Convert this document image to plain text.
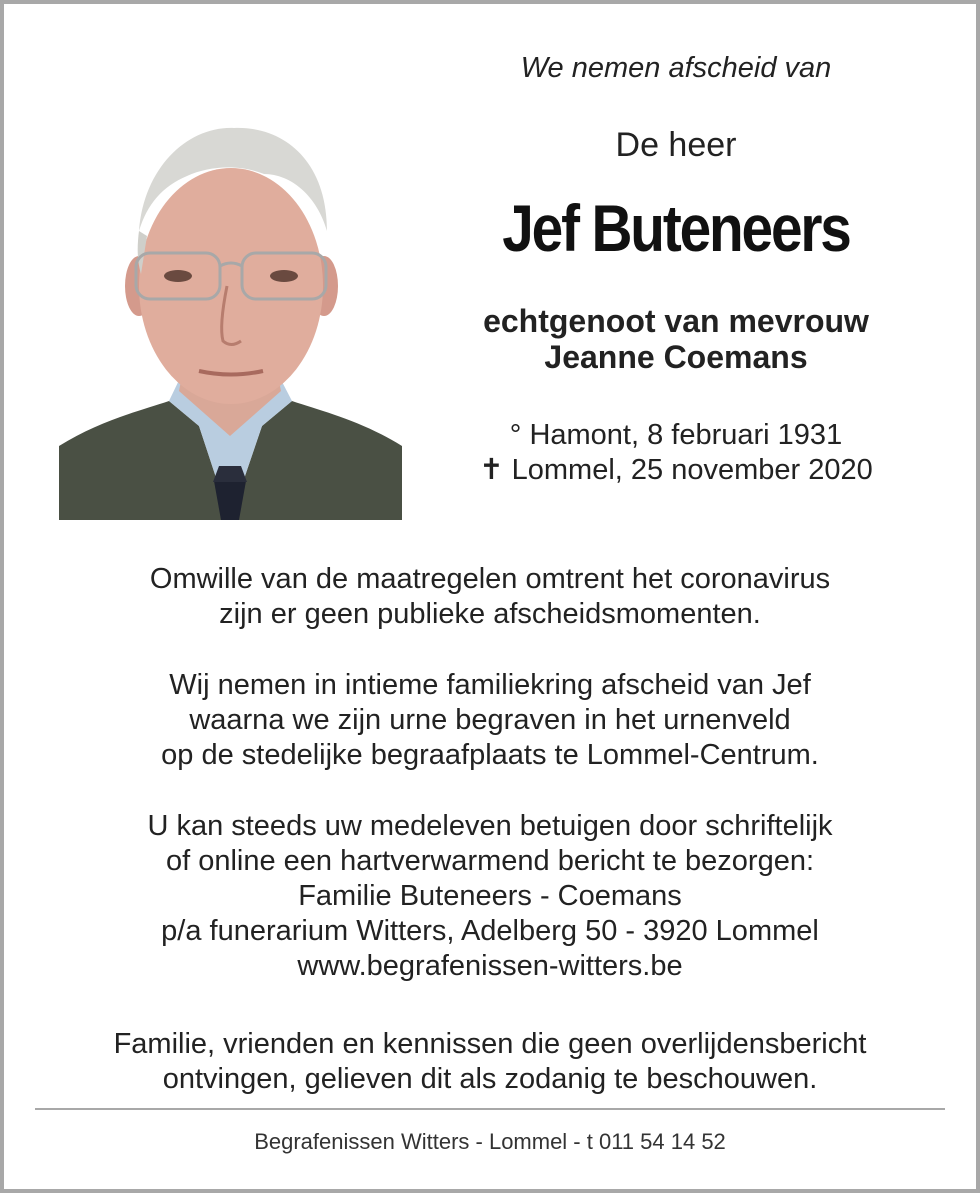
We nemen afscheid van
De heer
Jef Buteneers
echtgenoot van mevrouw
Jeanne Coemans
° Hamont, 8 februari 1931
✝ Lommel, 25 november 2020
Omwille van de maatregelen omtrent het coronavirus
zijn er geen publieke afscheidsmomenten.
Wij nemen in intieme familiekring afscheid van Jef
waarna we zijn urne begraven in het urnenveld
op de stedelijke begraafplaats te Lommel-Centrum.
U kan steeds uw medeleven betuigen door schriftelijk
of online een hartverwarmend bericht te bezorgen:
Familie Buteneers - Coemans
p/a funerarium Witters, Adelberg 50 - 3920 Lommel
www.begrafenissen-witters.be
Familie, vrienden en kennissen die geen overlijdensbericht
ontvingen, gelieven dit als zodanig te beschouwen.
Begrafenissen Witters - Lommel - t 011 54 14 52
